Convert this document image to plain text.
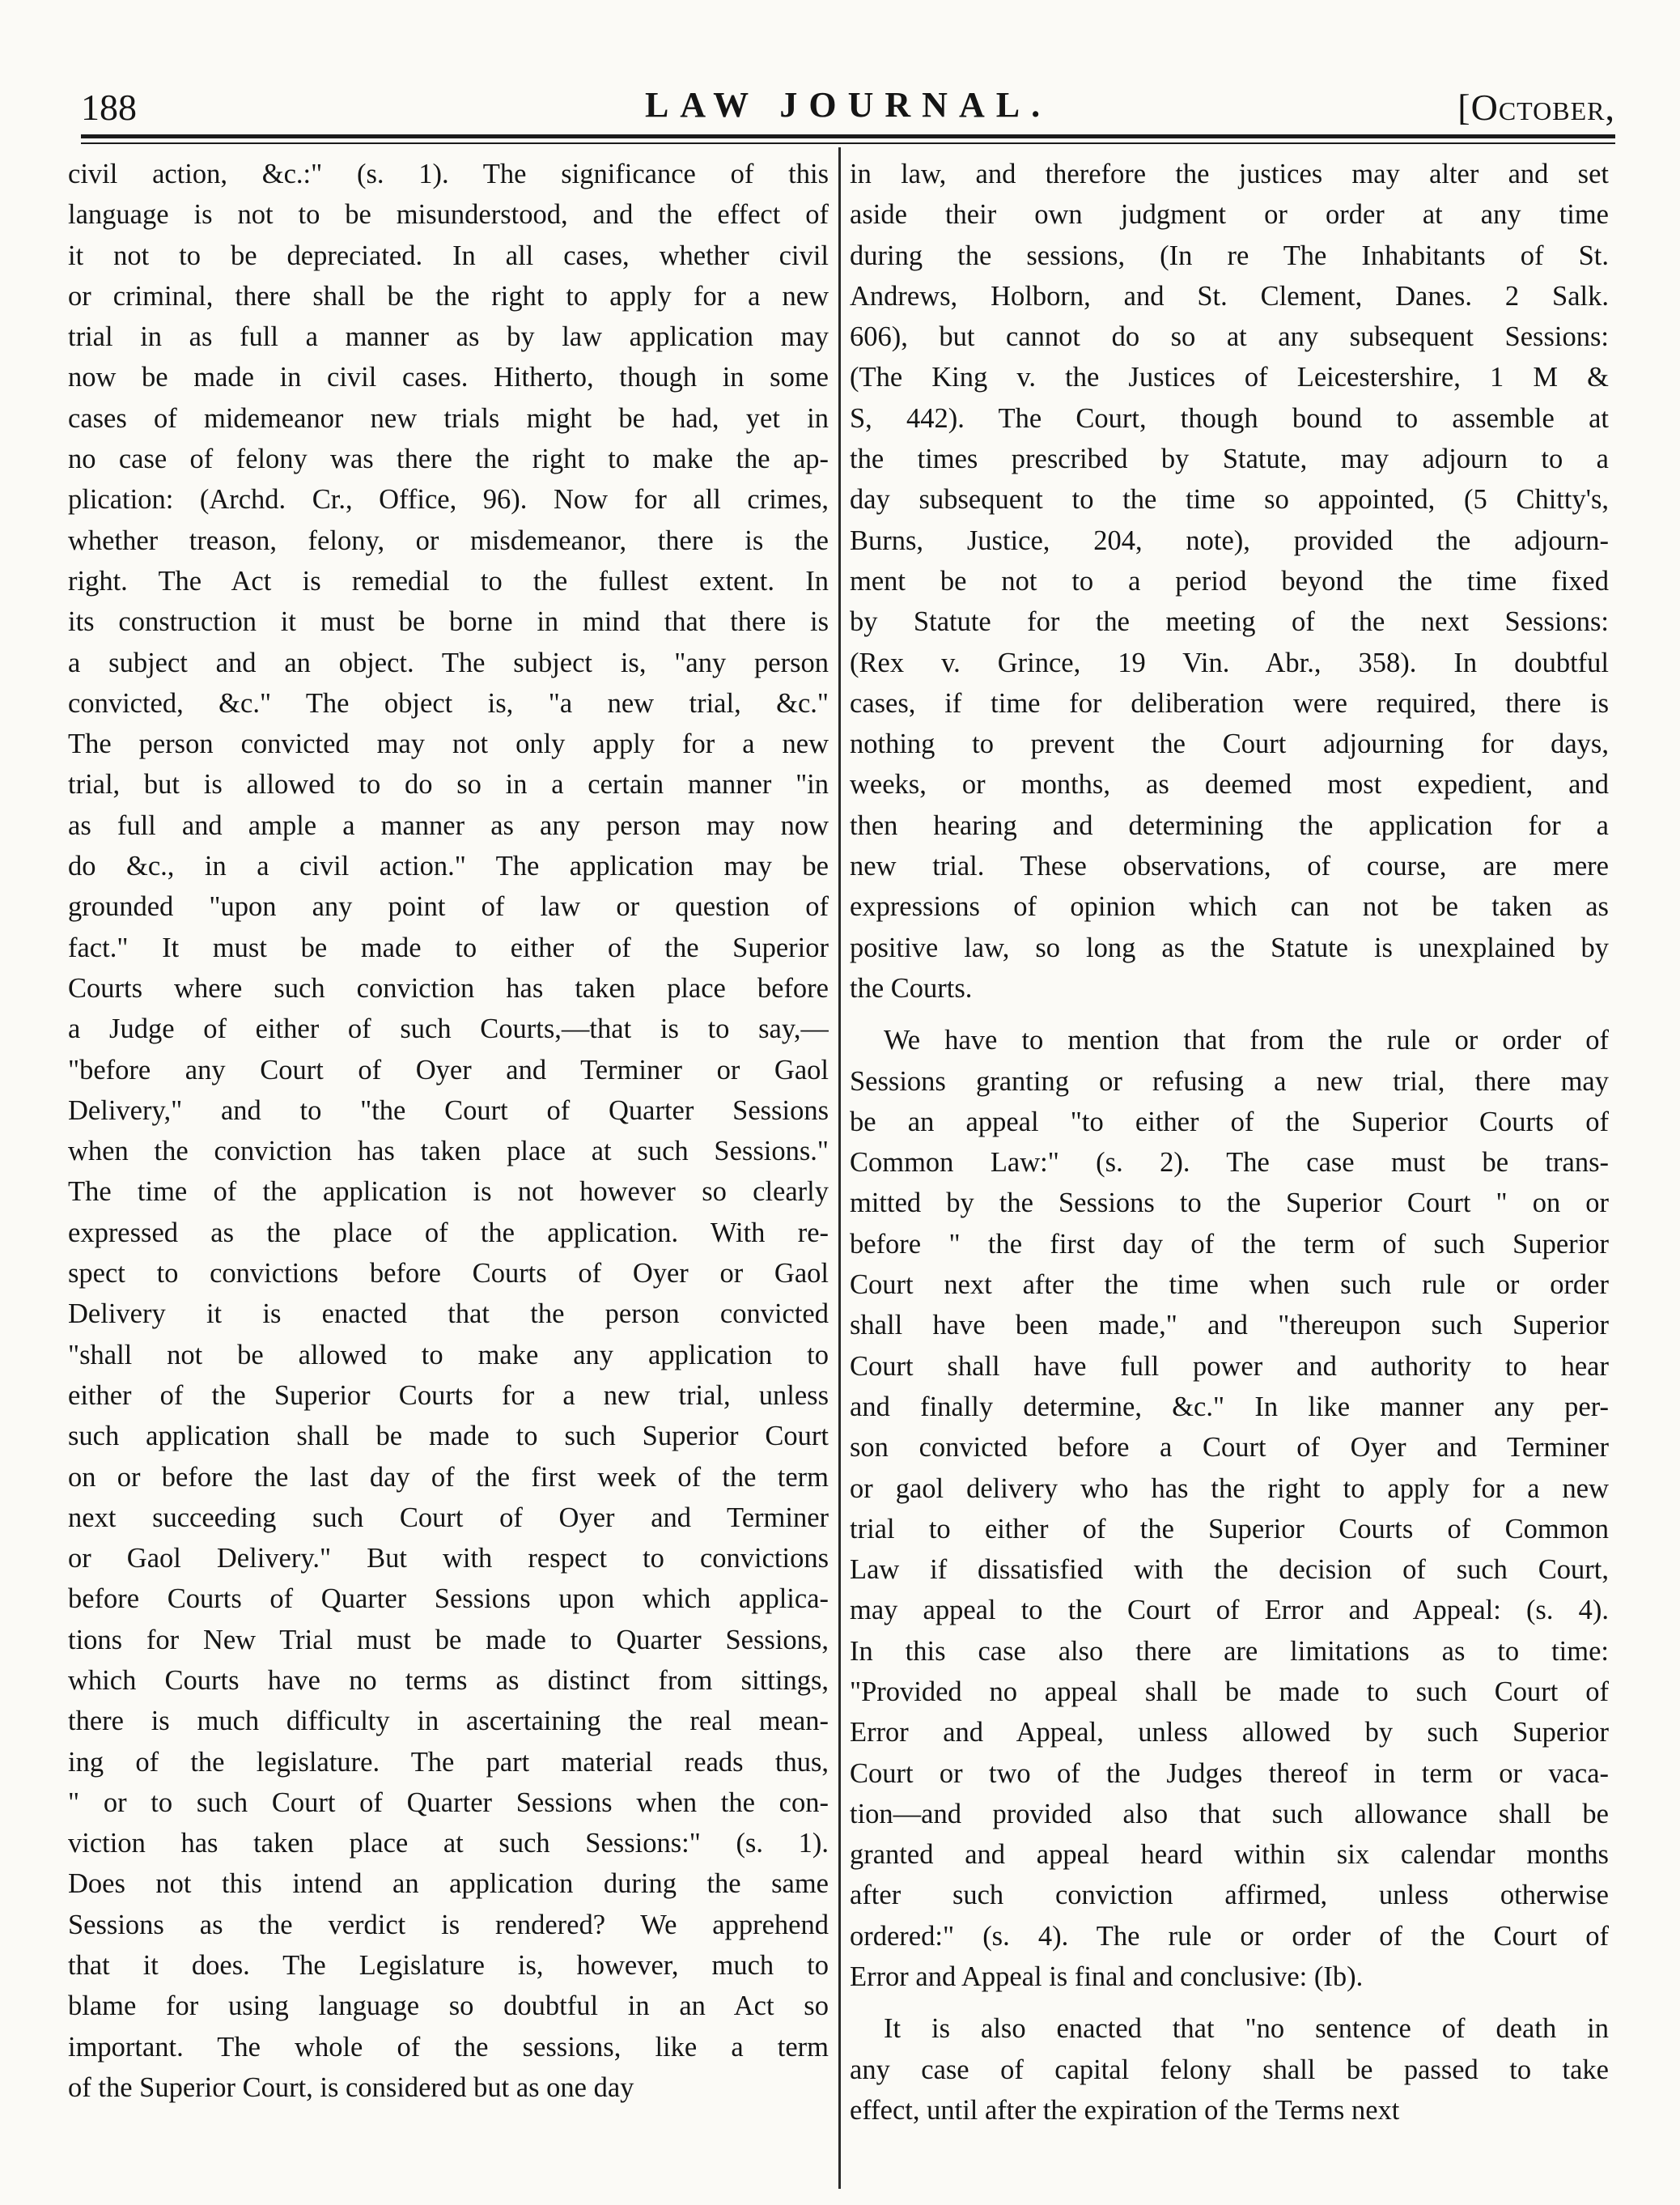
188	LAW JOURNAL.	[October,
civil action, &c.:" (s. 1). The significance of this
language is not to be misunderstood, and the effect of
it not to be depreciated. In all cases, whether civil
or criminal, there shall be the right to apply for a new
trial in as full a manner as by law application may
now be made in civil cases. Hitherto, though in some
cases of midemeanor new trials might be had, yet in
no case of felony was there the right to make the ap-
plication: (Archd. Cr., Office, 96). Now for all crimes,
whether treason, felony, or misdemeanor, there is the
right. The Act is remedial to the fullest extent. In
its construction it must be borne in mind that there is
a subject and an object. The subject is, "any person
convicted, &c." The object is, "a new trial, &c."
The person convicted may not only apply for a new
trial, but is allowed to do so in a certain manner "in
as full and ample a manner as any person may now
do &c., in a civil action." The application may be
grounded "upon any point of law or question of
fact." It must be made to either of the Superior
Courts where such conviction has taken place before
a Judge of either of such Courts,—that is to say,—
"before any Court of Oyer and Terminer or Gaol
Delivery," and to "the Court of Quarter Sessions
when the conviction has taken place at such Sessions."
The time of the application is not however so clearly
expressed as the place of the application. With re-
spect to convictions before Courts of Oyer or Gaol
Delivery it is enacted that the person convicted
"shall not be allowed to make any application to
either of the Superior Courts for a new trial, unless
such application shall be made to such Superior Court
on or before the last day of the first week of the term
next succeeding such Court of Oyer and Terminer
or Gaol Delivery." But with respect to convictions
before Courts of Quarter Sessions upon which applica-
tions for New Trial must be made to Quarter Sessions,
which Courts have no terms as distinct from sittings,
there is much difficulty in ascertaining the real mean-
ing of the legislature. The part material reads thus,
" or to such Court of Quarter Sessions when the con-
viction has taken place at such Sessions:" (s. 1).
Does not this intend an application during the same
Sessions as the verdict is rendered? We apprehend
that it does. The Legislature is, however, much to
blame for using language so doubtful in an Act so
important. The whole of the sessions, like a term
of the Superior Court, is considered but as one day
in law, and therefore the justices may alter and set
aside their own judgment or order at any time
during the sessions, (In re The Inhabitants of St.
Andrews, Holborn, and St. Clement, Danes. 2 Salk.
606), but cannot do so at any subsequent Sessions:
(The King v. the Justices of Leicestershire, 1 M &
S, 442). The Court, though bound to assemble at
the times prescribed by Statute, may adjourn to a
day subsequent to the time so appointed, (5 Chitty's,
Burns, Justice, 204, note), provided the adjourn-
ment be not to a period beyond the time fixed
by Statute for the meeting of the next Sessions:
(Rex v. Grince, 19 Vin. Abr., 358). In doubtful
cases, if time for deliberation were required, there is
nothing to prevent the Court adjourning for days,
weeks, or months, as deemed most expedient, and
then hearing and determining the application for a
new trial. These observations, of course, are mere
expressions of opinion which can not be taken as
positive law, so long as the Statute is unexplained by
the Courts.
We have to mention that from the rule or order of
Sessions granting or refusing a new trial, there may
be an appeal "to either of the Superior Courts of
Common Law:" (s. 2). The case must be trans-
mitted by the Sessions to the Superior Court " on or
before " the first day of the term of such Superior
Court next after the time when such rule or order
shall have been made," and "thereupon such Superior
Court shall have full power and authority to hear
and finally determine, &c." In like manner any per-
son convicted before a Court of Oyer and Terminer
or gaol delivery who has the right to apply for a new
trial to either of the Superior Courts of Common
Law if dissatisfied with the decision of such Court,
may appeal to the Court of Error and Appeal: (s. 4).
In this case also there are limitations as to time:
"Provided no appeal shall be made to such Court of
Error and Appeal, unless allowed by such Superior
Court or two of the Judges thereof in term or vaca-
tion—and provided also that such allowance shall be
granted and appeal heard within six calendar months
after such conviction affirmed, unless otherwise
ordered:" (s. 4). The rule or order of the Court of
Error and Appeal is final and conclusive: (Ib).
It is also enacted that "no sentence of death in
any case of capital felony shall be passed to take
effect, until after the expiration of the Terms next
